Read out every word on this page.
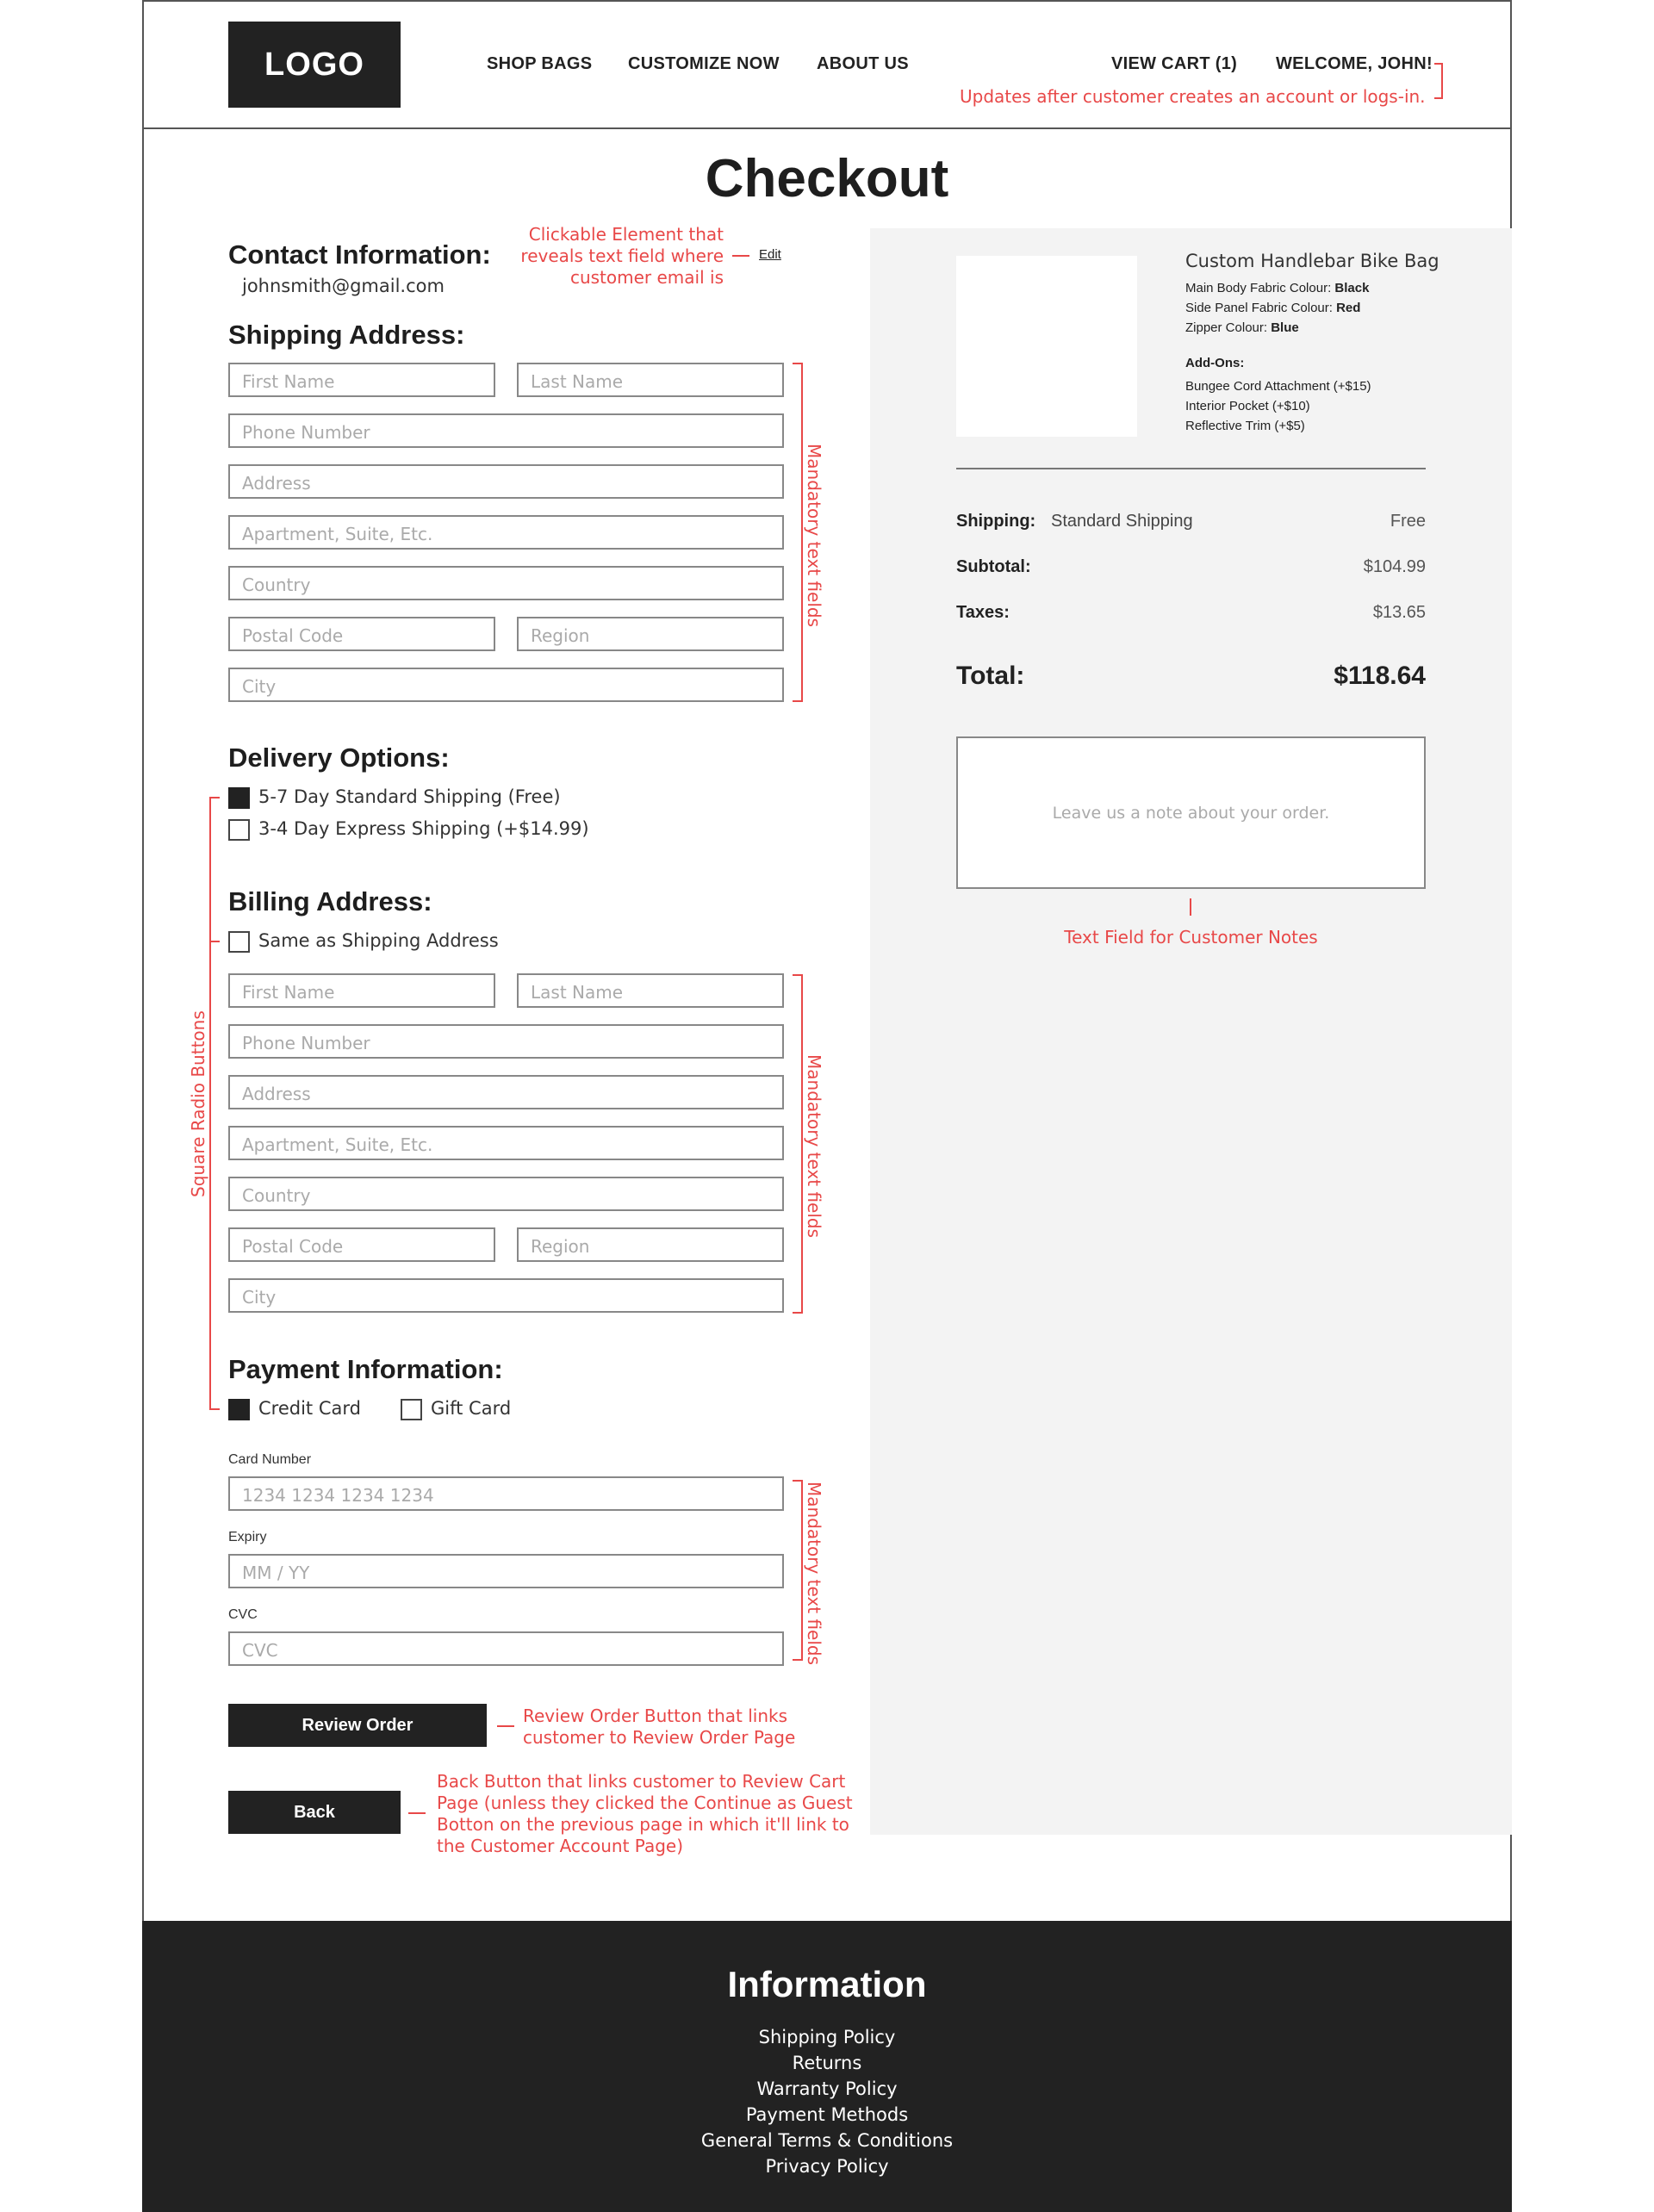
LOGO	SHOP BAGS CUSTOMIZE NOW ABOUT US	VIEW CART (1) WELCOME, JOHN!
Updates after customer creates an account or logs-in.
Checkout
Contact Information:
johnsmith@gmail.com
Clickable Element that
reveals text field where
customer email is
Edit
Shipping Address:
First Name	Last Name
Phone Number
Address
Apartment, Suite, Etc.
Country
Postal Code	Region
City
Mandatory text fields
Delivery Options:
5-7 Day Standard Shipping (Free)
3-4 Day Express Shipping (+$14.99)
Billing Address:
Same as Shipping Address
First Name	Last Name
Phone Number
Address
Apartment, Suite, Etc.
Country
Postal Code	Region
City
Mandatory text fields
Square Radio Buttons
Payment Information:
Credit Card	Gift Card
Card Number
1234 1234 1234 1234
Expiry
MM / YY
CVC
CVC	Mandatory text fields
Review Order	Review Order Button that links
customer to Review Order Page
Back
Back Button that links customer to Review Cart
Page (unless they clicked the Continue as Guest
Botton on the previous page in which it'll link to
the Customer Account Page)
Custom Handlebar Bike Bag
Main Body Fabric Colour: Black
Side Panel Fabric Colour: Red
Zipper Colour: Blue
Add-Ons:
Bungee Cord Attachment (+$15)
Interior Pocket (+$10)
Reflective Trim (+$5)
Shipping: Standard Shipping	Free
Subtotal:	$104.99
Taxes:	$13.65
Total:	$118.64
Leave us a note about your order.
Text Field for Customer Notes
Information
Shipping Policy
Returns
Warranty Policy
Payment Methods
General Terms & Conditions
Privacy Policy
